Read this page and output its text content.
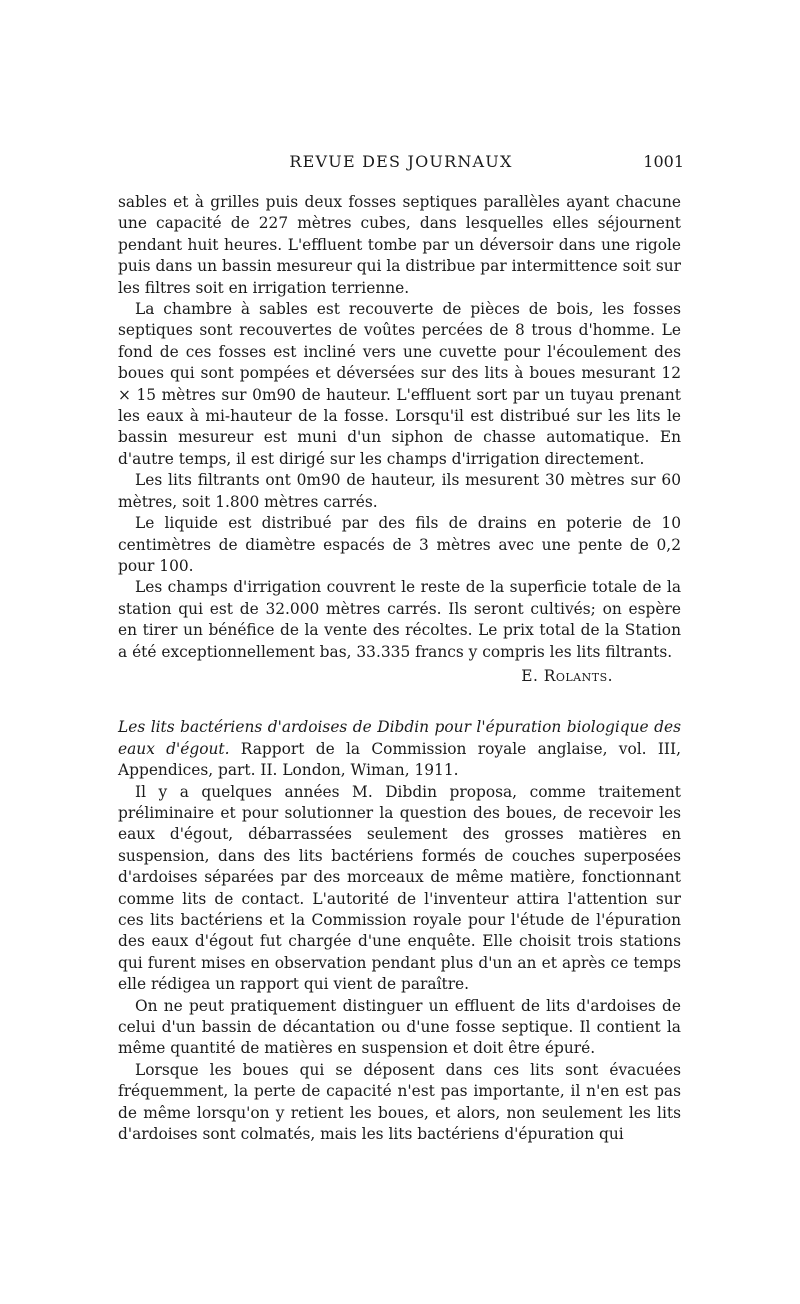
REVUE DES JOURNAUX	1001

sables et à grilles puis deux fosses septiques parallèles ayant chacune une capacité de 227 mètres cubes, dans lesquelles elles séjournent pendant huit heures. L'effluent tombe par un déversoir dans une rigole puis dans un bassin mesureur qui la distribue par intermittence soit sur les filtres soit en irrigation terrienne.

La chambre à sables est recouverte de pièces de bois, les fosses septiques sont recouvertes de voûtes percées de 8 trous d'homme. Le fond de ces fosses est incliné vers une cuvette pour l'écoulement des boues qui sont pompées et déversées sur des lits à boues mesurant 12 × 15 mètres sur 0m90 de hauteur. L'effluent sort par un tuyau prenant les eaux à mi-hauteur de la fosse. Lorsqu'il est distribué sur les lits le bassin mesureur est muni d'un siphon de chasse automatique. En d'autre temps, il est dirigé sur les champs d'irrigation directement.

Les lits filtrants ont 0m90 de hauteur, ils mesurent 30 mètres sur 60 mètres, soit 1.800 mètres carrés.

Le liquide est distribué par des fils de drains en poterie de 10 centimètres de diamètre espacés de 3 mètres avec une pente de 0,2 pour 100.

Les champs d'irrigation couvrent le reste de la superficie totale de la station qui est de 32.000 mètres carrés. Ils seront cultivés; on espère en tirer un bénéfice de la vente des récoltes. Le prix total de la Station a été exceptionnellement bas, 33.335 francs y compris les lits filtrants.

E. Rolants.

Les lits bactériens d'ardoises de Dibdin pour l'épuration biologique des eaux d'égout. Rapport de la Commission royale anglaise, vol. III, Appendices, part. II. London, Wiman, 1911.

Il y a quelques années M. Dibdin proposa, comme traitement préliminaire et pour solutionner la question des boues, de recevoir les eaux d'égout, débarrassées seulement des grosses matières en suspension, dans des lits bactériens formés de couches superposées d'ardoises séparées par des morceaux de même matière, fonctionnant comme lits de contact. L'autorité de l'inventeur attira l'attention sur ces lits bactériens et la Commission royale pour l'étude de l'épuration des eaux d'égout fut chargée d'une enquête. Elle choisit trois stations qui furent mises en observation pendant plus d'un an et après ce temps elle rédigea un rapport qui vient de paraître.

On ne peut pratiquement distinguer un effluent de lits d'ardoises de celui d'un bassin de décantation ou d'une fosse septique. Il contient la même quantité de matières en suspension et doit être épuré.

Lorsque les boues qui se déposent dans ces lits sont évacuées fréquemment, la perte de capacité n'est pas importante, il n'en est pas de même lorsqu'on y retient les boues, et alors, non seulement les lits d'ardoises sont colmatés, mais les lits bactériens d'épuration qui
